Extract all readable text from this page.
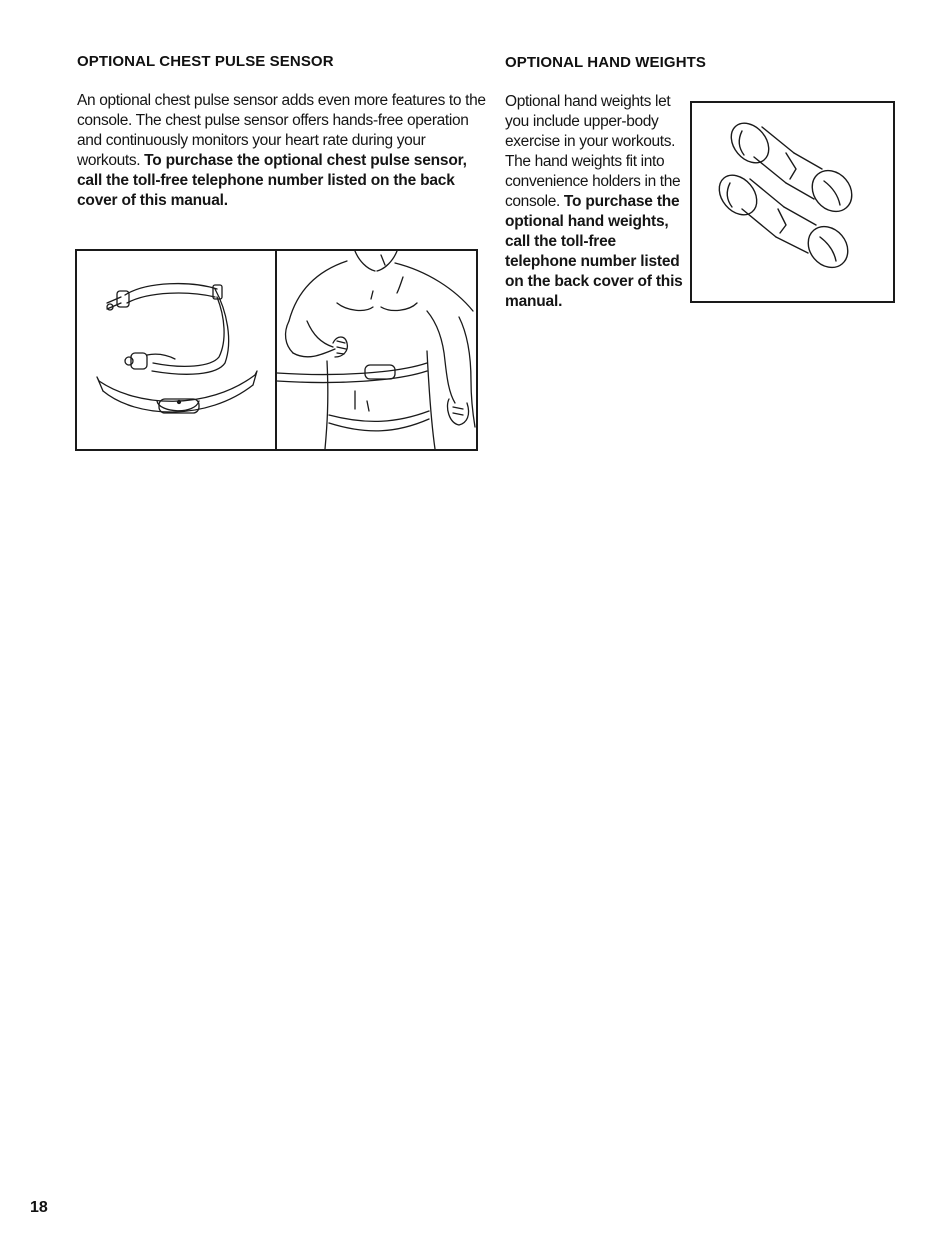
OPTIONAL CHEST PULSE SENSOR

An optional chest pulse sensor adds even more features to the console. The chest pulse sensor offers hands-free operation and continuously monitors your heart rate during your workouts. To purchase the optional chest pulse sensor, call the toll-free telephone number listed on the back cover of this manual.

OPTIONAL HAND WEIGHTS

Optional hand weights let you include upper-body exercise in your workouts. The hand weights fit into convenience holders in the console. To purchase the optional hand weights, call the toll-free telephone number listed on the back cover of this manual.

18
